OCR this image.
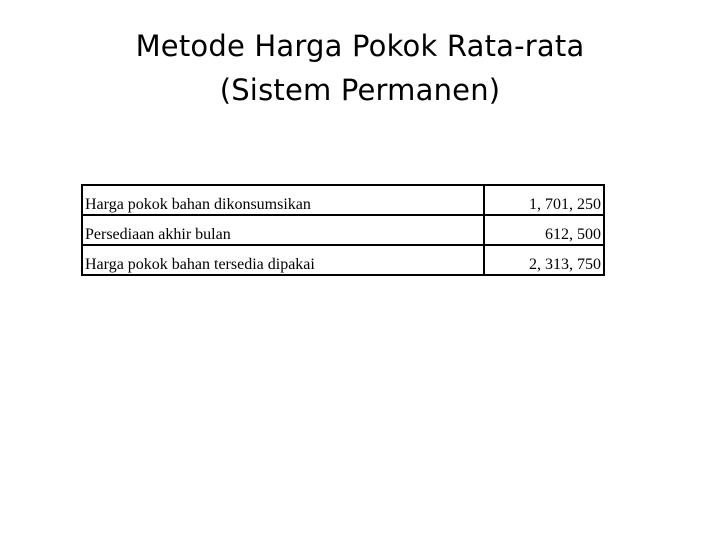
Metode Harga Pokok Rata-rata
(Sistem Permanen)
Harga pokok bahan dikonsumsikan	1, 701, 250
Persediaan akhir bulan	612, 500
Harga pokok bahan tersedia dipakai	2, 313, 750
